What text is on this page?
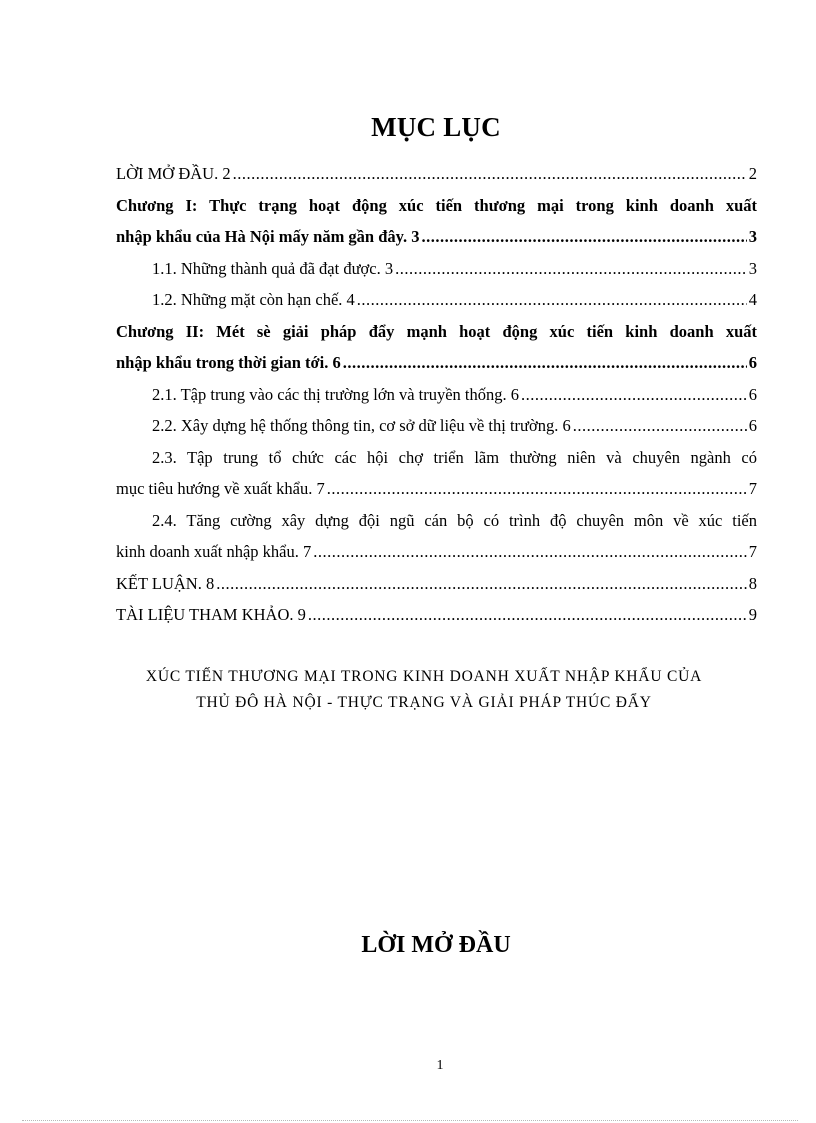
MỤC LỤC
LỜI MỞ ĐẦU. 2 .....	2
Chương I: Thực trạng hoạt động xúc tiến thương mại trong kinh doanh xuất
nhập khẩu của Hà Nội mấy năm gần đây. 3 .....	3
1.1. Những thành quả đã đạt được. 3 .....	3
1.2. Những mặt còn hạn chế. 4 .....	4
Chương II: Mét sè giải pháp đẩy mạnh hoạt động xúc tiến kinh doanh xuất
nhập khẩu trong thời gian tới. 6 .....	6
2.1. Tập trung vào các thị trường lớn và truyền thống. 6 .....	6
2.2. Xây dựng hệ thống thông tin, cơ sở dữ liệu về thị trường. 6 .....	6
2.3. Tập trung tổ chức các hội chợ triển lãm thường niên và chuyên ngành có
mục tiêu hướng về xuất khẩu. 7 .....	7
2.4. Tăng cường xây dựng đội ngũ cán bộ có trình độ chuyên môn về xúc tiến
kinh doanh xuất nhập khẩu. 7 .....	7
KẾT LUẬN. 8 .....	8
TÀI LIỆU THAM KHẢO. 9 .....	9
XÚC TIẾN THƯƠNG MẠI TRONG KINH DOANH XUẤT NHẬP KHẨU CỦA
THỦ ĐÔ HÀ NỘI - THỰC TRẠNG VÀ GIẢI PHÁP THÚC ĐẨY
LỜI MỞ ĐẦU
1
